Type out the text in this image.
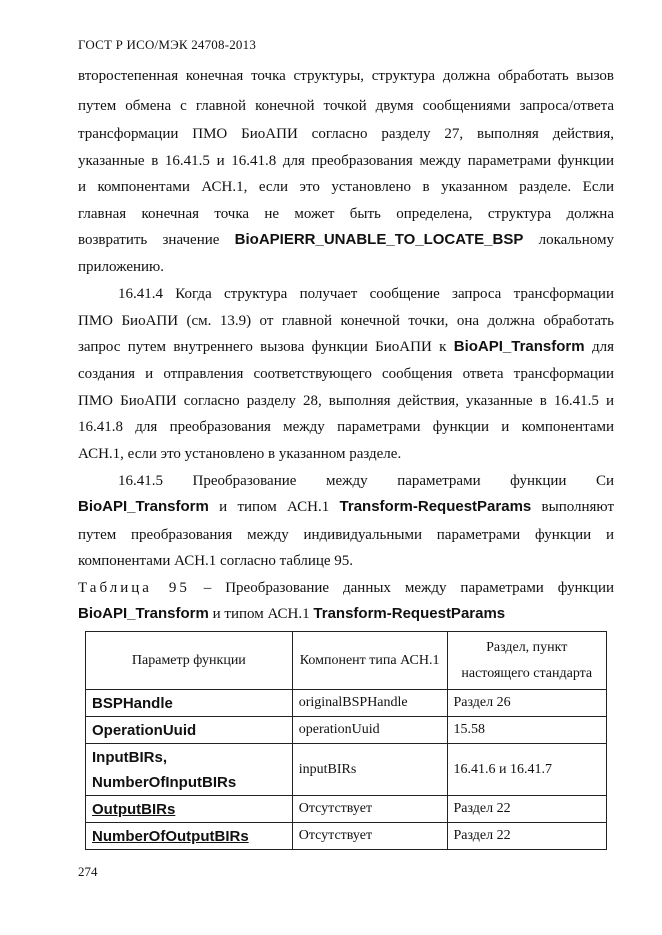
ГОСТ Р ИСО/МЭК 24708-2013
второстепенная конечная точка структуры, структура должна обработать вызов
путем обмена с главной конечной точкой двумя сообщениями запроса/ответа
трансформации ПМО БиоАПИ согласно разделу 27, выполняя действия,
указанные в 16.41.5 и 16.41.8 для преобразования между параметрами функции
и компонентами АСН.1, если это установлено в указанном разделе. Если
главная конечная точка не может быть определена, структура должна
возвратить значение BioAPIERR_UNABLE_TO_LOCATE_BSP локальному
приложению.
16.41.4 Когда структура получает сообщение запроса трансформации
ПМО БиоАПИ (см. 13.9) от главной конечной точки, она должна обработать
запрос путем внутреннего вызова функции БиоАПИ к BioAPI_Transform для
создания и отправления соответствующего сообщения ответа трансформации
ПМО БиоАПИ согласно разделу 28, выполняя действия, указанные в 16.41.5 и
16.41.8 для преобразования между параметрами функции и компонентами
АСН.1, если это установлено в указанном разделе.
16.41.5 Преобразование между параметрами функции Си
BioAPI_Transform и типом АСН.1 Transform-RequestParams выполняют
путем преобразования между индивидуальными параметрами функции и
компонентами АСН.1 согласно таблице 95.
Таблица 95 – Преобразование данных между параметрами функции
BioAPI_Transform и типом АСН.1 Transform-RequestParams
Параметр функции	Компонент типа АСН.1	Раздел, пункт настоящего стандарта
BSPHandle	originalBSPHandle	Раздел 26
OperationUuid	operationUuid	15.58

InputBIRs,
NumberOfInputBIRs	inputBIRs	16.41.6 и 16.41.7
OutputBIRs	Отсутствует	Раздел 22
NumberOfOutputBIRs	Отсутствует	Раздел 22
274
